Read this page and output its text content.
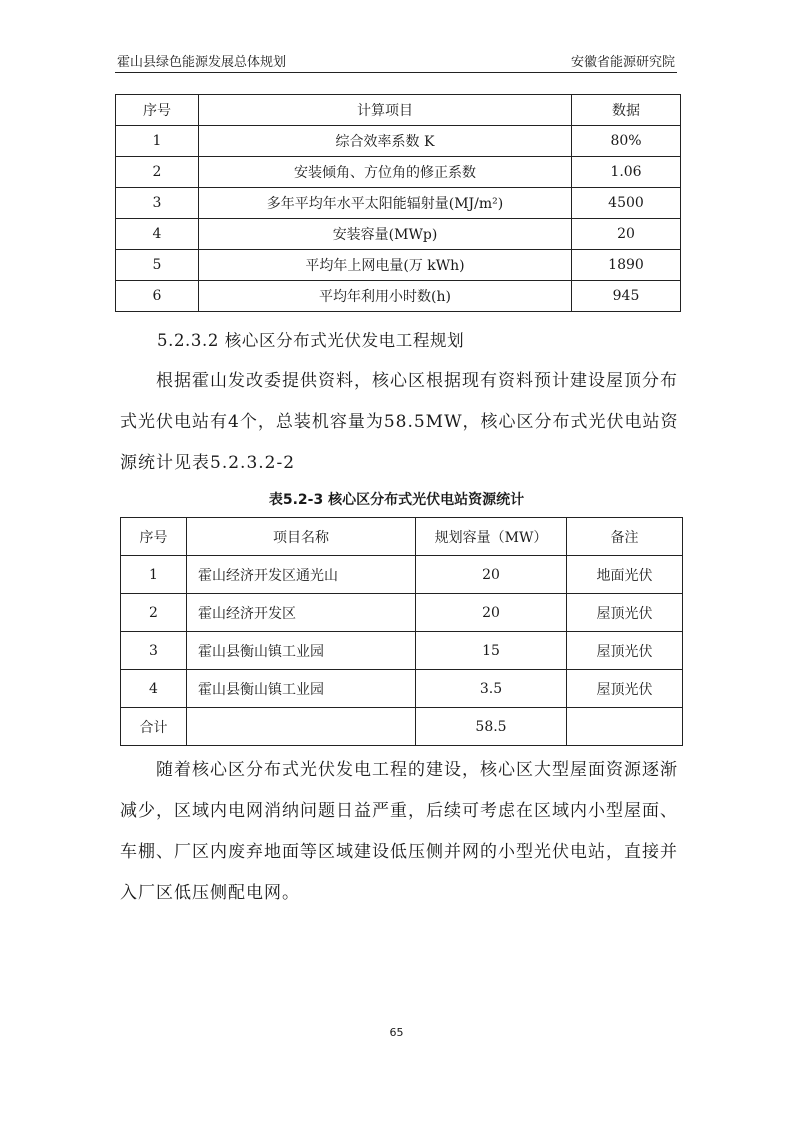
霍山县绿色能源发展总体规划	安徽省能源研究院
序号	计算项目	数据
1	综合效率系数 K	80%
2	安装倾角、方位角的修正系数	1.06
3	多年平均年水平太阳能辐射量(MJ/m²)	4500
4	安装容量(MWp)	20
5	平均年上网电量(万 kWh)	1890
6	平均年利用小时数(h)	945
5.2.3.2 核心区分布式光伏发电工程规划

根据霍山发改委提供资料，核心区根据现有资料预计建设屋顶分布式光伏电站有4个，总装机容量为58.5MW，核心区分布式光伏电站资源统计见表5.2.3.2-2

表5.2-3 核心区分布式光伏电站资源统计
序号	项目名称	规划容量（MW）	备注
1	霍山经济开发区通光山	20	地面光伏
2	霍山经济开发区	20	屋顶光伏
3	霍山县衡山镇工业园	15	屋顶光伏
4	霍山县衡山镇工业园	3.5	屋顶光伏
合计		58.5	

随着核心区分布式光伏发电工程的建设，核心区大型屋面资源逐渐减少，区域内电网消纳问题日益严重，后续可考虑在区域内小型屋面、车棚、厂区内废弃地面等区域建设低压侧并网的小型光伏电站，直接并入厂区低压侧配电网。

65
